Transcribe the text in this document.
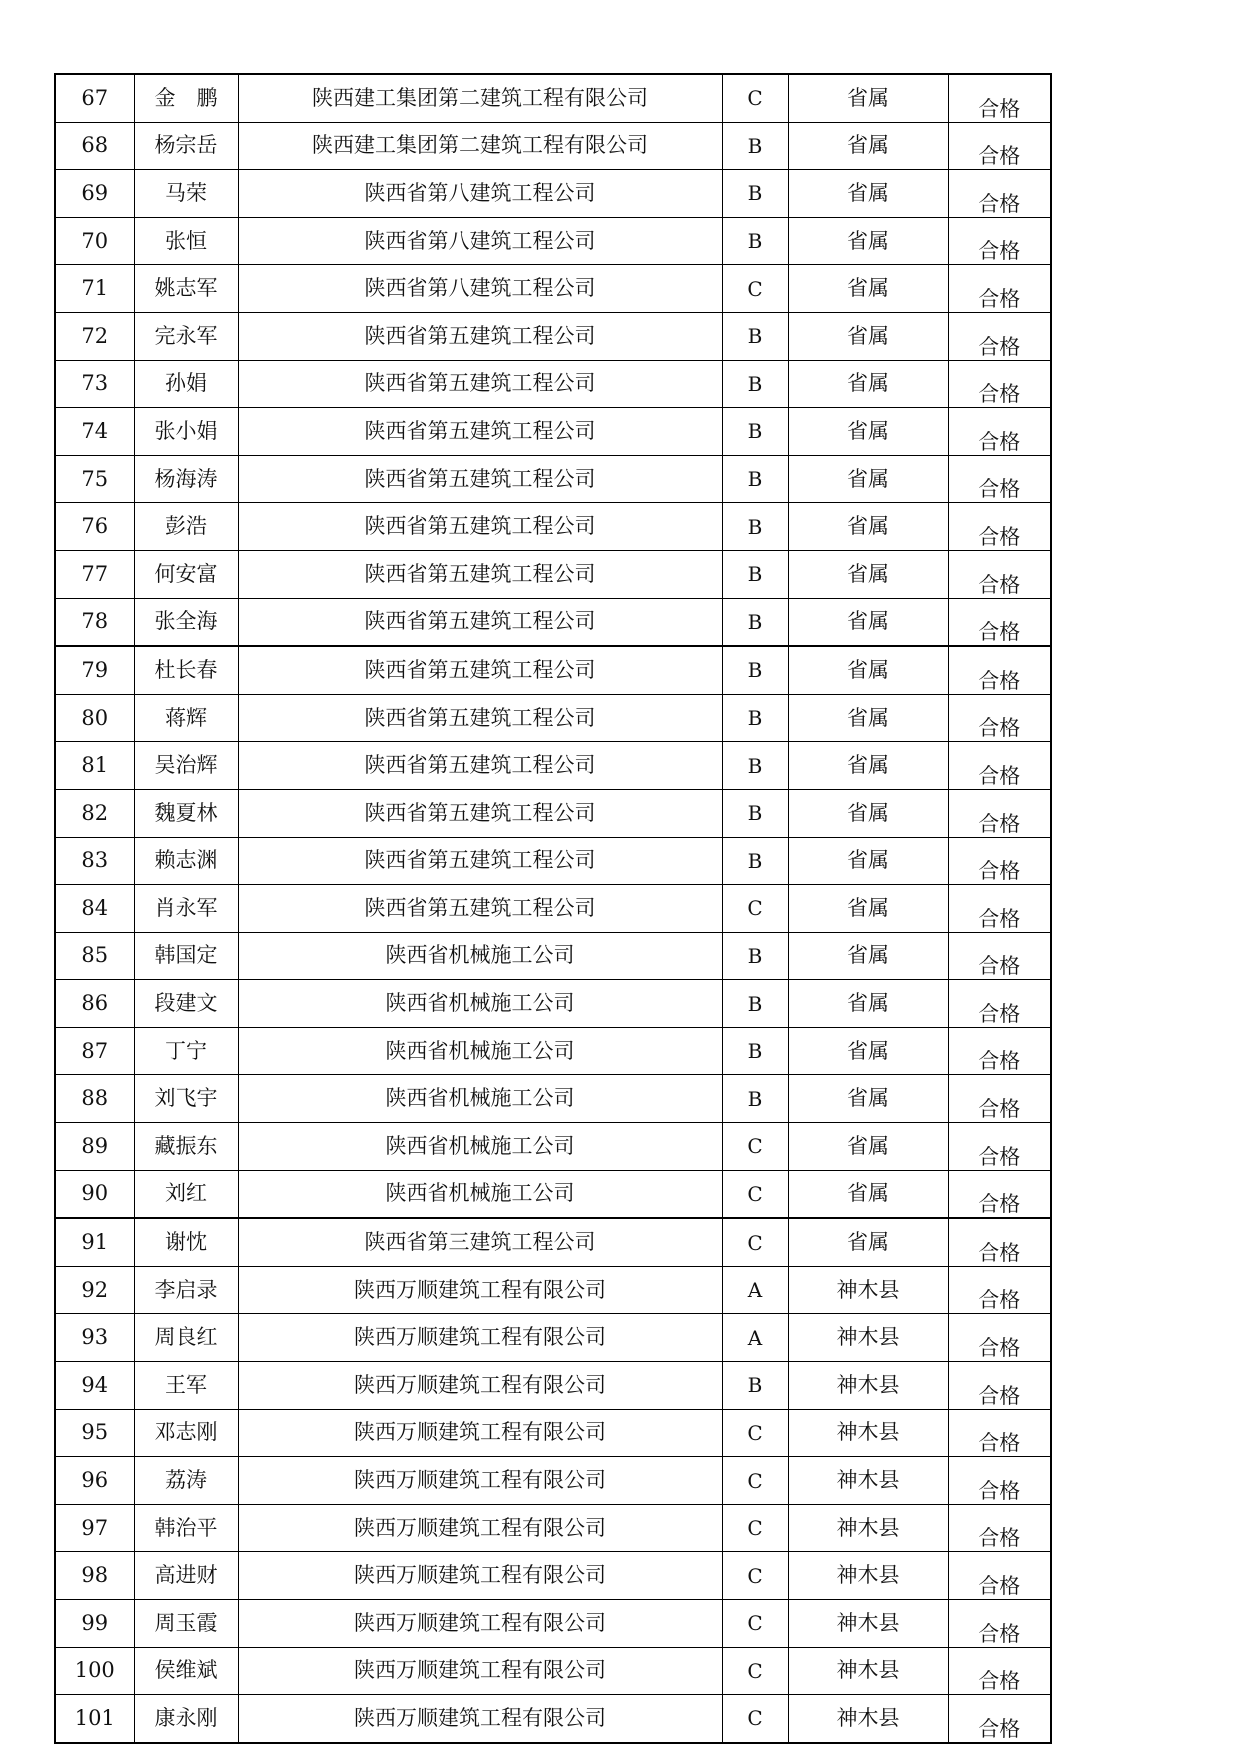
67	金　鹏	陕西建工集团第二建筑工程有限公司	C	省属	合格
68	杨宗岳	陕西建工集团第二建筑工程有限公司	B	省属	合格
69	马荣	陕西省第八建筑工程公司	B	省属	合格
70	张恒	陕西省第八建筑工程公司	B	省属	合格
71	姚志军	陕西省第八建筑工程公司	C	省属	合格
72	完永军	陕西省第五建筑工程公司	B	省属	合格
73	孙娟	陕西省第五建筑工程公司	B	省属	合格
74	张小娟	陕西省第五建筑工程公司	B	省属	合格
75	杨海涛	陕西省第五建筑工程公司	B	省属	合格
76	彭浩	陕西省第五建筑工程公司	B	省属	合格
77	何安富	陕西省第五建筑工程公司	B	省属	合格
78	张全海	陕西省第五建筑工程公司	B	省属	合格
79	杜长春	陕西省第五建筑工程公司	B	省属	合格
80	蒋辉	陕西省第五建筑工程公司	B	省属	合格
81	吴治辉	陕西省第五建筑工程公司	B	省属	合格
82	魏夏林	陕西省第五建筑工程公司	B	省属	合格
83	赖志渊	陕西省第五建筑工程公司	B	省属	合格
84	肖永军	陕西省第五建筑工程公司	C	省属	合格
85	韩国定	陕西省机械施工公司	B	省属	合格
86	段建文	陕西省机械施工公司	B	省属	合格
87	丁宁	陕西省机械施工公司	B	省属	合格
88	刘飞宇	陕西省机械施工公司	B	省属	合格
89	藏振东	陕西省机械施工公司	C	省属	合格
90	刘红	陕西省机械施工公司	C	省属	合格
91	谢忱	陕西省第三建筑工程公司	C	省属	合格
92	李启录	陕西万顺建筑工程有限公司	A	神木县	合格
93	周良红	陕西万顺建筑工程有限公司	A	神木县	合格
94	王军	陕西万顺建筑工程有限公司	B	神木县	合格
95	邓志刚	陕西万顺建筑工程有限公司	C	神木县	合格
96	荔涛	陕西万顺建筑工程有限公司	C	神木县	合格
97	韩治平	陕西万顺建筑工程有限公司	C	神木县	合格
98	高进财	陕西万顺建筑工程有限公司	C	神木县	合格
99	周玉霞	陕西万顺建筑工程有限公司	C	神木县	合格
100	侯维斌	陕西万顺建筑工程有限公司	C	神木县	合格
101	康永刚	陕西万顺建筑工程有限公司	C	神木县	合格
